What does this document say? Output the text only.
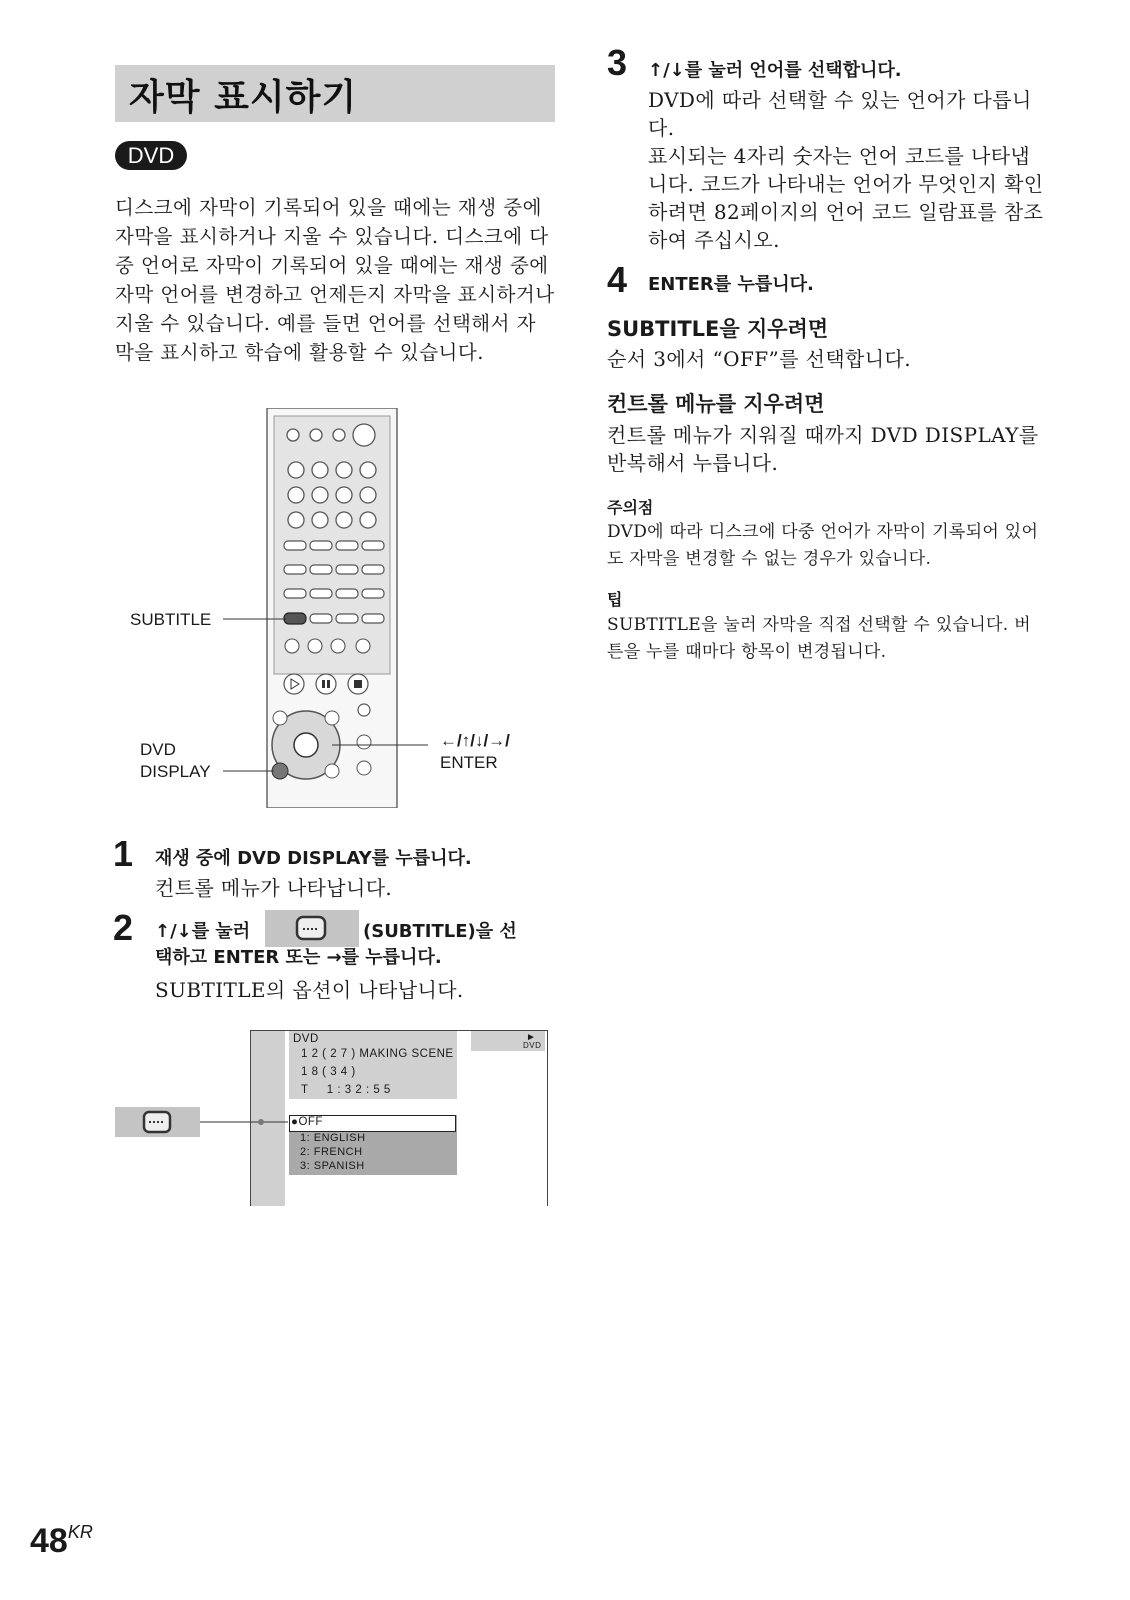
자막 표시하기
DVD
디스크에 자막이 기록되어 있을 때에는 재생 중에 자막을 표시하거나 지울 수 있습니다. 디스크에 다중 언어로 자막이 기록되어 있을 때에는 재생 중에 자막 언어를 변경하고 언제든지 자막을 표시하거나 지울 수 있습니다. 예를 들면 언어를 선택해서 자막을 표시하고 학습에 활용할 수 있습니다.
SUBTITLE
DVD
DISPLAY
←/↑/↓/→/
ENTER
1 재생 중에 DVD DISPLAY를 누릅니다.
컨트롤 메뉴가 나타납니다.
2 ↑/↓를 눌러	(SUBTITLE)을 선
택하고 ENTER 또는 →를 누릅니다.
SUBTITLE의 옵션이 나타납니다.
DVD
1 2 ( 2 7 ) MAKING SCENE
1 8 ( 3 4 )
T     1 : 3 2 : 5 5
►
DVD
●OFF
1: ENGLISH
2: FRENCH
3: SPANISH
3 ↑/↓를 눌러 언어를 선택합니다.
DVD에 따라 선택할 수 있는 언어가 다릅니다.
표시되는 4자리 숫자는 언어 코드를 나타냅니다. 코드가 나타내는 언어가 무엇인지 확인하려면 82페이지의 언어 코드 일람표를 참조하여 주십시오.
4 ENTER를 누릅니다.
SUBTITLE을 지우려면
순서 3에서 “OFF”를 선택합니다.
컨트롤 메뉴를 지우려면
컨트롤 메뉴가 지워질 때까지 DVD DISPLAY를 반복해서 누릅니다.
주의점
DVD에 따라 디스크에 다중 언어가 자막이 기록되어 있어도 자막을 변경할 수 없는 경우가 있습니다.
팁
SUBTITLE을 눌러 자막을 직접 선택할 수 있습니다. 버튼을 누를 때마다 항목이 변경됩니다.
$48^{KR}$
